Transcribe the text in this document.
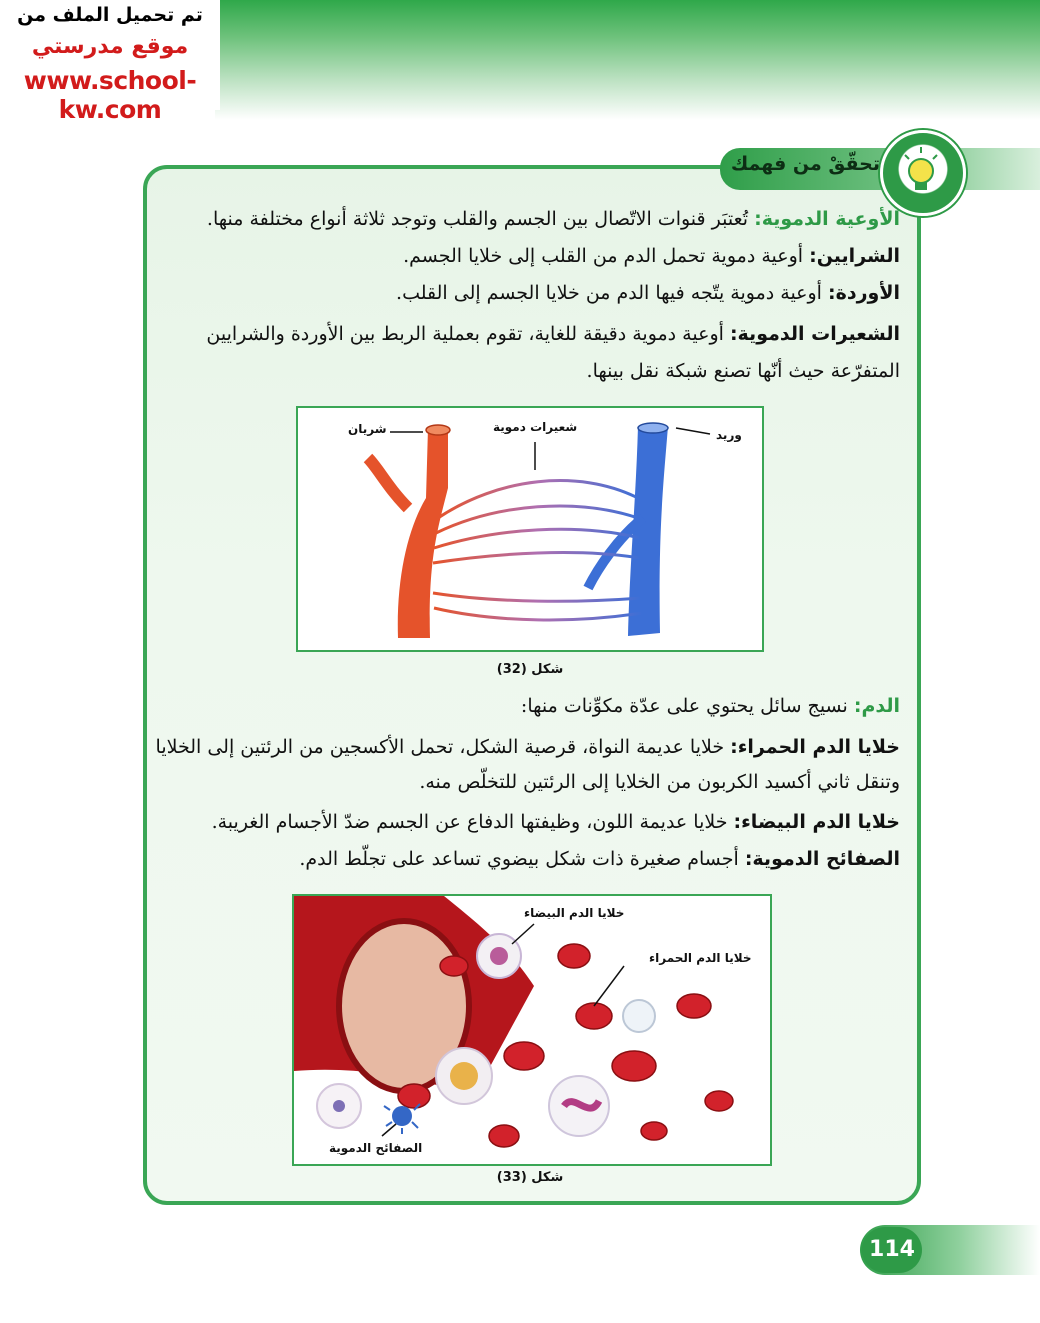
تم تحميل الملف من
موقع مدرستي
www.school-kw.com
تحقّقْ من فهمك
الأوعية الدموية: تُعتبَر قنوات الاتّصال بين الجسم والقلب وتوجد ثلاثة أنواع مختلفة منها.
الشرايين: أوعية دموية تحمل الدم من القلب إلى خلايا الجسم.
الأوردة: أوعية دموية يتّجه فيها الدم من خلايا الجسم إلى القلب.
الشعيرات الدموية: أوعية دموية دقيقة للغاية، تقوم بعملية الربط بين الأوردة والشرايين المتفرّعة حيث أنّها تصنع شبكة نقل بينها.
شريان	شعيرات دموية
وريد
شكل (32)
الدم: نسيج سائل يحتوي على عدّة مكوِّنات منها:
خلايا الدم الحمراء: خلايا عديمة النواة، قرصية الشكل، تحمل الأكسجين من الرئتين إلى الخلايا وتنقل ثاني أكسيد الكربون من الخلايا إلى الرئتين للتخلّص منه.
خلايا الدم البيضاء: خلايا عديمة اللون، وظيفتها الدفاع عن الجسم ضدّ الأجسام الغريبة.
الصفائح الدموية: أجسام صغيرة ذات شكل بيضوي تساعد على تجلّط الدم.
خلايا الدم البيضاء
خلايا الدم الحمراء
الصفائح الدموية
شكل (33)
114
